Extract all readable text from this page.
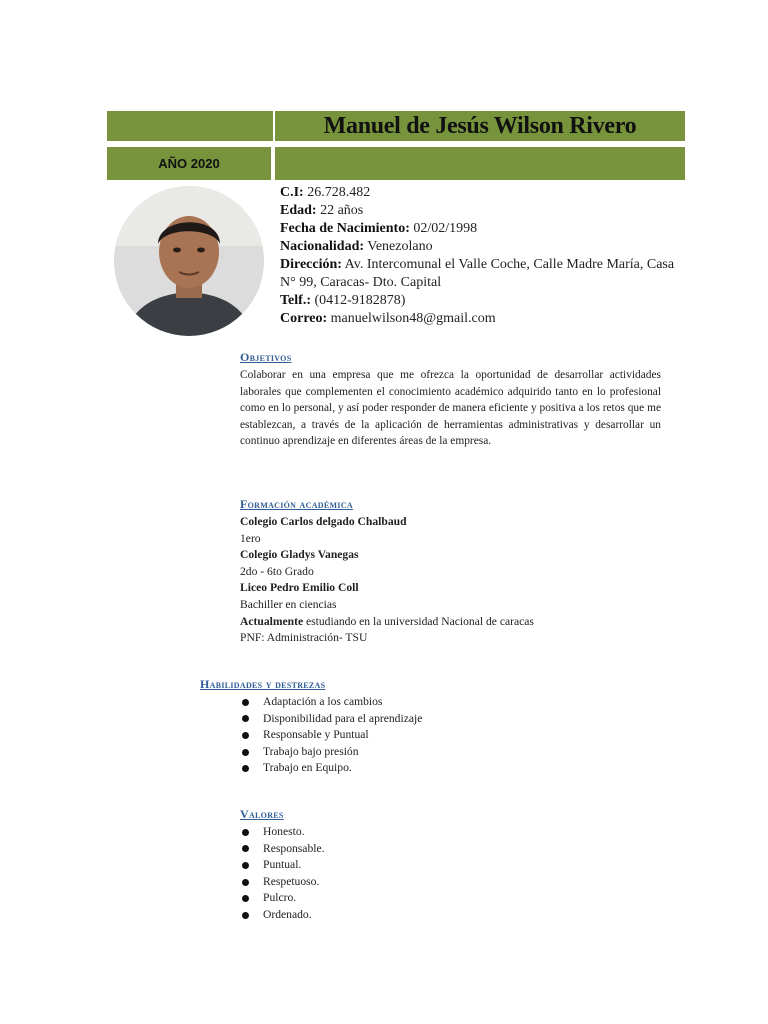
Manuel de Jesús Wilson Rivero
AÑO 2020
C.I: 26.728.482
Edad: 22 años
Fecha de Nacimiento: 02/02/1998
Nacionalidad: Venezolano
Dirección: Av. Intercomunal el Valle Coche, Calle Madre María, Casa N° 99, Caracas- Dto. Capital
Telf.: (0412-9182878)
Correo: manuelwilson48@gmail.com
Objetivos
Colaborar en una empresa que me ofrezca la oportunidad de desarrollar actividades laborales que complementen el conocimiento académico adquirido tanto en lo profesional como en lo personal, y así poder responder de manera eficiente y positiva a los retos que me establezcan, a través de la aplicación de herramientas administrativas y desarrollar un continuo aprendizaje en diferentes áreas de la empresa.
Formación académica
Colegio Carlos delgado Chalbaud
1ero
Colegio Gladys Vanegas
2do - 6to Grado
Liceo Pedro Emilio Coll
Bachiller en ciencias
Actualmente estudiando en la universidad Nacional de caracas
PNF: Administración- TSU
Habilidades y destrezas
Adaptación a los cambios
Disponibilidad para el aprendizaje
Responsable y Puntual
Trabajo bajo presión
Trabajo en Equipo.
Valores
Honesto.
Responsable.
Puntual.
Respetuoso.
Pulcro.
Ordenado.
